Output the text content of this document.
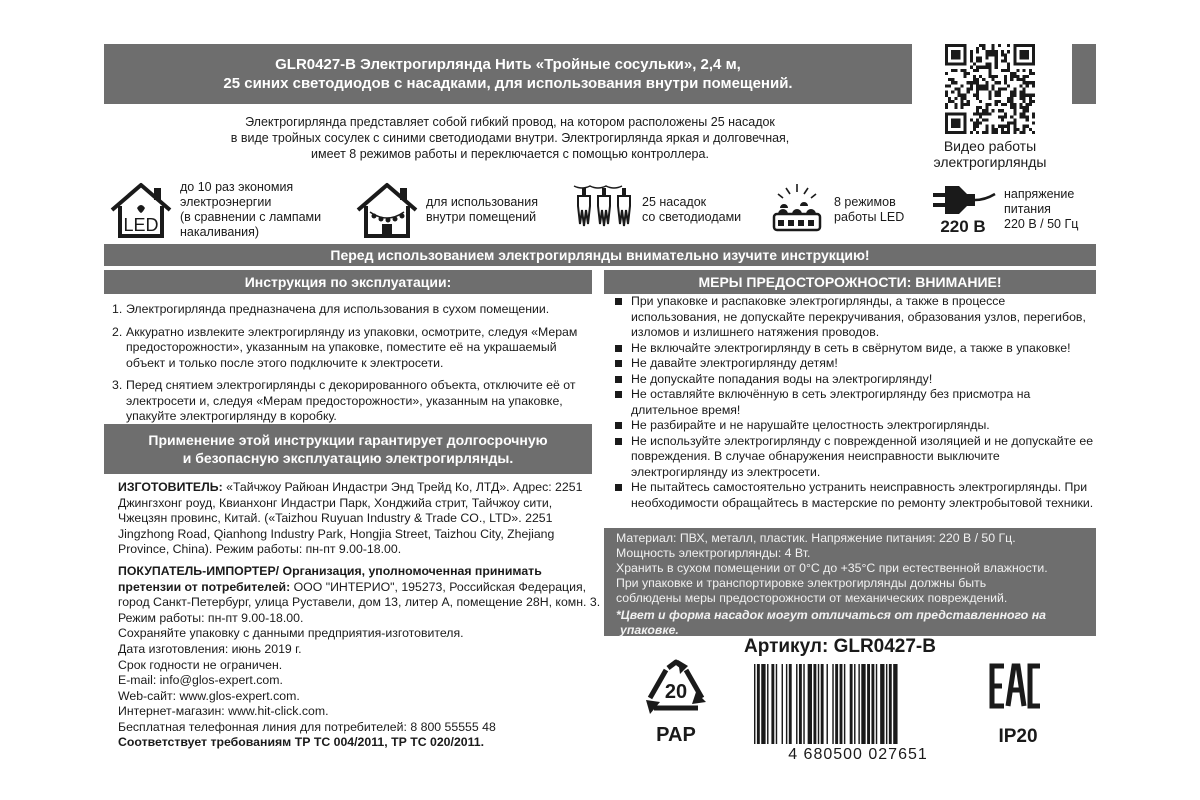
GLR0427-B Электрогирлянда Нить «Тройные сосульки», 2,4 м,
25 синих светодиодов с насадками, для использования внутри помещений.
Видео работы
электрогирлянды
Электрогирлянда представляет собой гибкий провод, на котором расположены 25 насадок
в виде тройных сосулек с синими светодиодами внутри. Электрогирлянда яркая и долговечная,
имеет 8 режимов работы и переключается с помощью контроллера.
LED
до 10 раз экономия
электроэнергии
(в сравнении с лампами
накаливания)
для использования
внутри помещений
25 насадок
со светодиодами
8 режимов
работы LED 220 В
напряжение
питания
220 В / 50 Гц
Перед использованием электрогирлянды внимательно изучите инструкцию!
Инструкция по эксплуатации:	МЕРЫ ПРЕДОСТОРОЖНОСТИ: ВНИМАНИЕ!
1. Электрогирлянда предназначена для использования в сухом помещении.
2. Аккуратно извлеките электрогирлянду из упаковки, осмотрите, следуя «Мерам предосторожности», указанным на упаковке, поместите её на украшаемый объект и только после этого подключите к электросети.
3. Перед снятием электрогирлянды с декорированного объекта, отключите её от электросети и, следуя «Мерам предосторожности», указанным на упаковке, упакуйте электрогирлянду в коробку.
Применение этой инструкции гарантирует долгосрочную
и безопасную эксплуатацию электрогирлянды.
При упаковке и распаковке электрогирлянды, а также в процессе использования, не допускайте перекручивания, образования узлов, перегибов, изломов и излишнего натяжения проводов.
Не включайте электрогирлянду в сеть в свёрнутом виде, а также в упаковке!
Не давайте электрогирлянду детям!
Не допускайте попадания воды на электрогирлянду!
Не оставляйте включённую в сеть электрогирлянду без присмотра на длительное время!
Не разбирайте и не нарушайте целостность электрогирлянды.
Не используйте электрогирлянду с поврежденной изоляцией и не допускайте ее повреждения. В случае обнаружения неисправности выключите электрогирлянду из электросети.
Не пытайтесь самостоятельно устранить неисправность электрогирлянды. При необходимости обращайтесь в мастерские по ремонту электробытовой техники.
ИЗГОТОВИТЕЛЬ: «Тайчжоу Райюан Индастри Энд Трейд Ко, ЛТД». Адрес: 2251 Джингзхонг роуд, Квианхонг Индастри Парк, Хонджийа стрит, Тайчжоу сити, Чжецзян провинс, Китай. («Taizhou Ruyuan Industry & Trade CO., LTD». 2251 Jingzhong Road, Qianhong Industry Park, Hongjia Street, Taizhou City, Zhejiang Province, China). Режим работы: пн-пт 9.00-18.00.
ПОКУПАТЕЛЬ-ИМПОРТЕР/ Организация, уполномоченная принимать претензии от потребителей: ООО "ИНТЕРИО", 195273, Российская Федерация, город Санкт-Петербург, улица Руставели, дом 13, литер А, помещение 28Н, комн. 3. Режим работы: пн-пт 9.00-18.00.
Сохраняйте упаковку с данными предприятия-изготовителя.
Дата изготовления: июнь 2019 г.
Срок годности не ограничен.
E-mail: info@glos-expert.com.
Web-сайт: www.glos-expert.com.
Интернет-магазин: www.hit-click.com.
Бесплатная телефонная линия для потребителей: 8 800 55555 48
Соответствует требованиям ТР ТС 004/2011, ТР ТС 020/2011.
Материал: ПВХ, металл, пластик. Напряжение питания: 220 В / 50 Гц.
Мощность электрогирлянды: 4 Вт.
Хранить в сухом помещении от 0°С до +35°С при естественной влажности.
При упаковке и транспортировке электрогирлянды должны быть
соблюдены меры предосторожности от механических повреждений.
*Цвет и форма насадок могут отличаться от представленного на
упаковке.
Артикул: GLR0427-B
4 680500 027651
20
PAP	IP20
